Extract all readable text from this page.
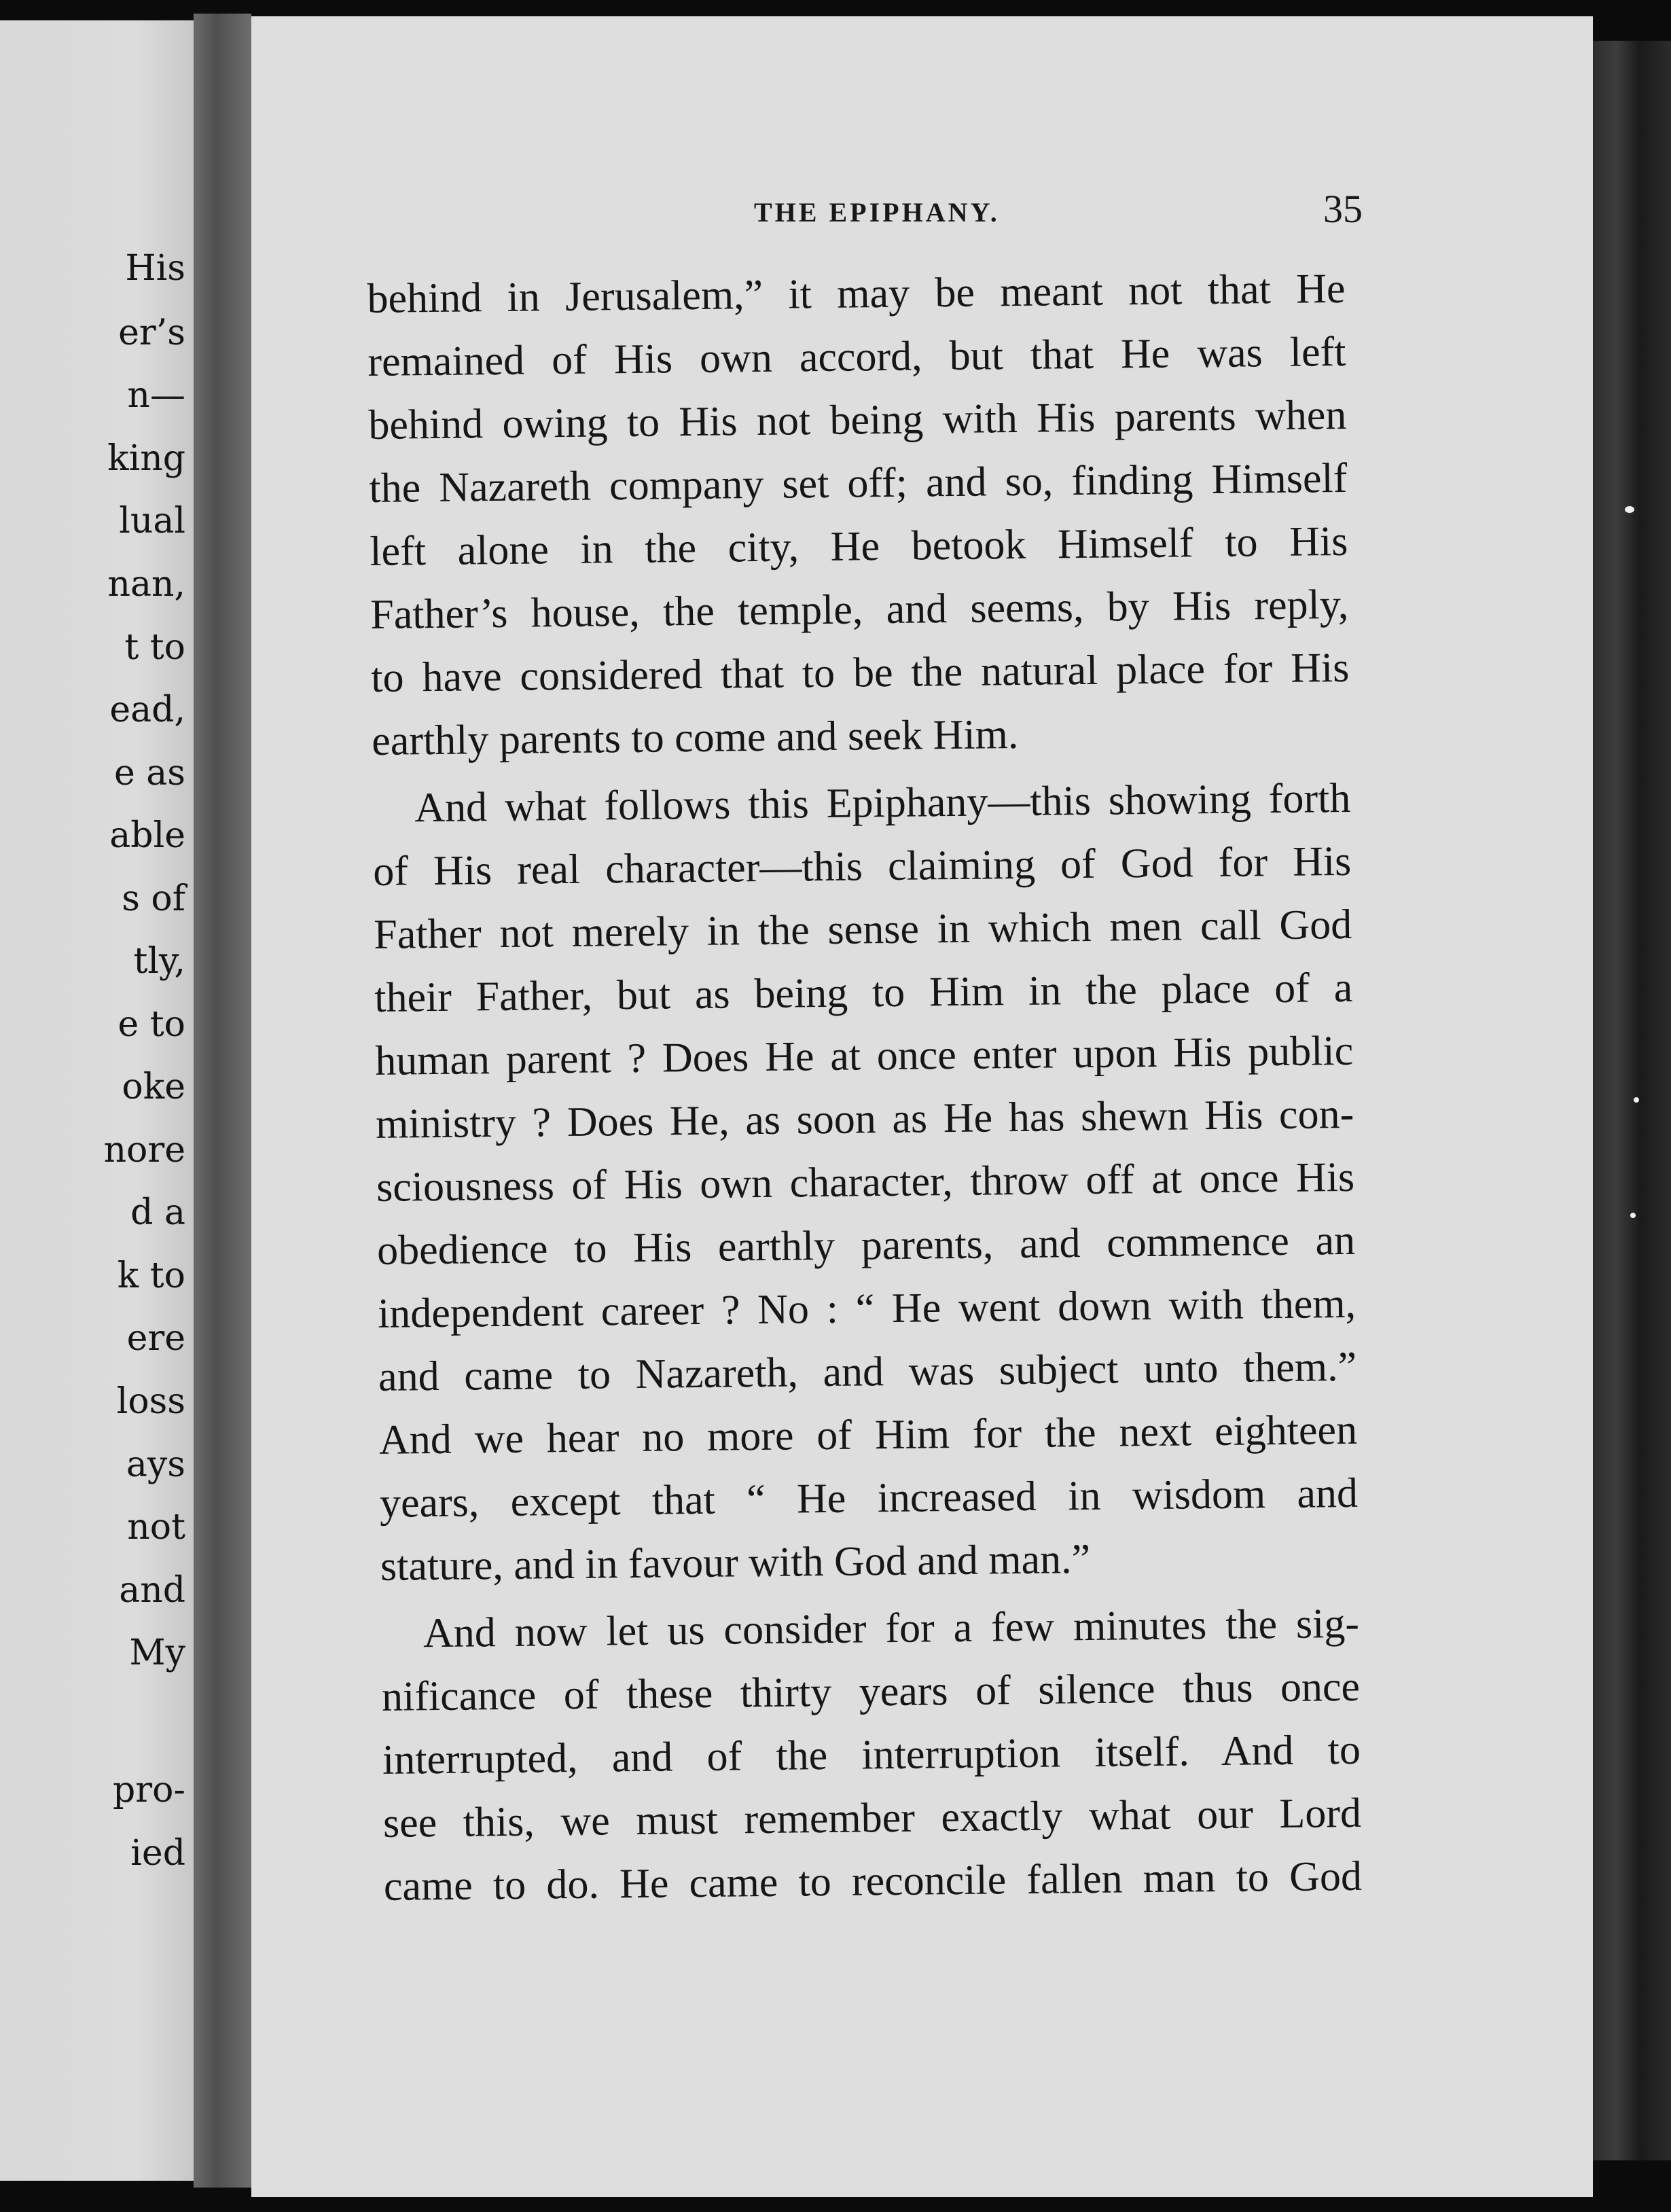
His
er’s
n—
king
lual
nan,
t to
ead,
e as
able
s of
tly,
e to
oke
nore
d a
k to
ere
loss
ays
not
and
My
pro-
ied
THE EPIPHANY.	35
behind in Jerusalem,” it may be meant not that He
remained of His own accord, but that He was left
behind owing to His not being with His parents when
the Nazareth company set off; and so, finding Himself
left alone in the city, He betook Himself to His
Father’s house, the temple, and seems, by His reply,
to have considered that to be the natural place for His
earthly parents to come and seek Him.
And what follows this Epiphany—this showing forth
of His real character—this claiming of God for His
Father not merely in the sense in which men call God
their Father, but as being to Him in the place of a
human parent ? Does He at once enter upon His public
ministry ? Does He, as soon as He has shewn His con-
sciousness of His own character, throw off at once His
obedience to His earthly parents, and commence an
independent career ? No : “ He went down with them,
and came to Nazareth, and was subject unto them.”
And we hear no more of Him for the next eighteen
years, except that “ He increased in wisdom and
stature, and in favour with God and man.”
And now let us consider for a few minutes the sig-
nificance of these thirty years of silence thus once
interrupted, and of the interruption itself. And to
see this, we must remember exactly what our Lord
came to do. He came to reconcile fallen man to God
